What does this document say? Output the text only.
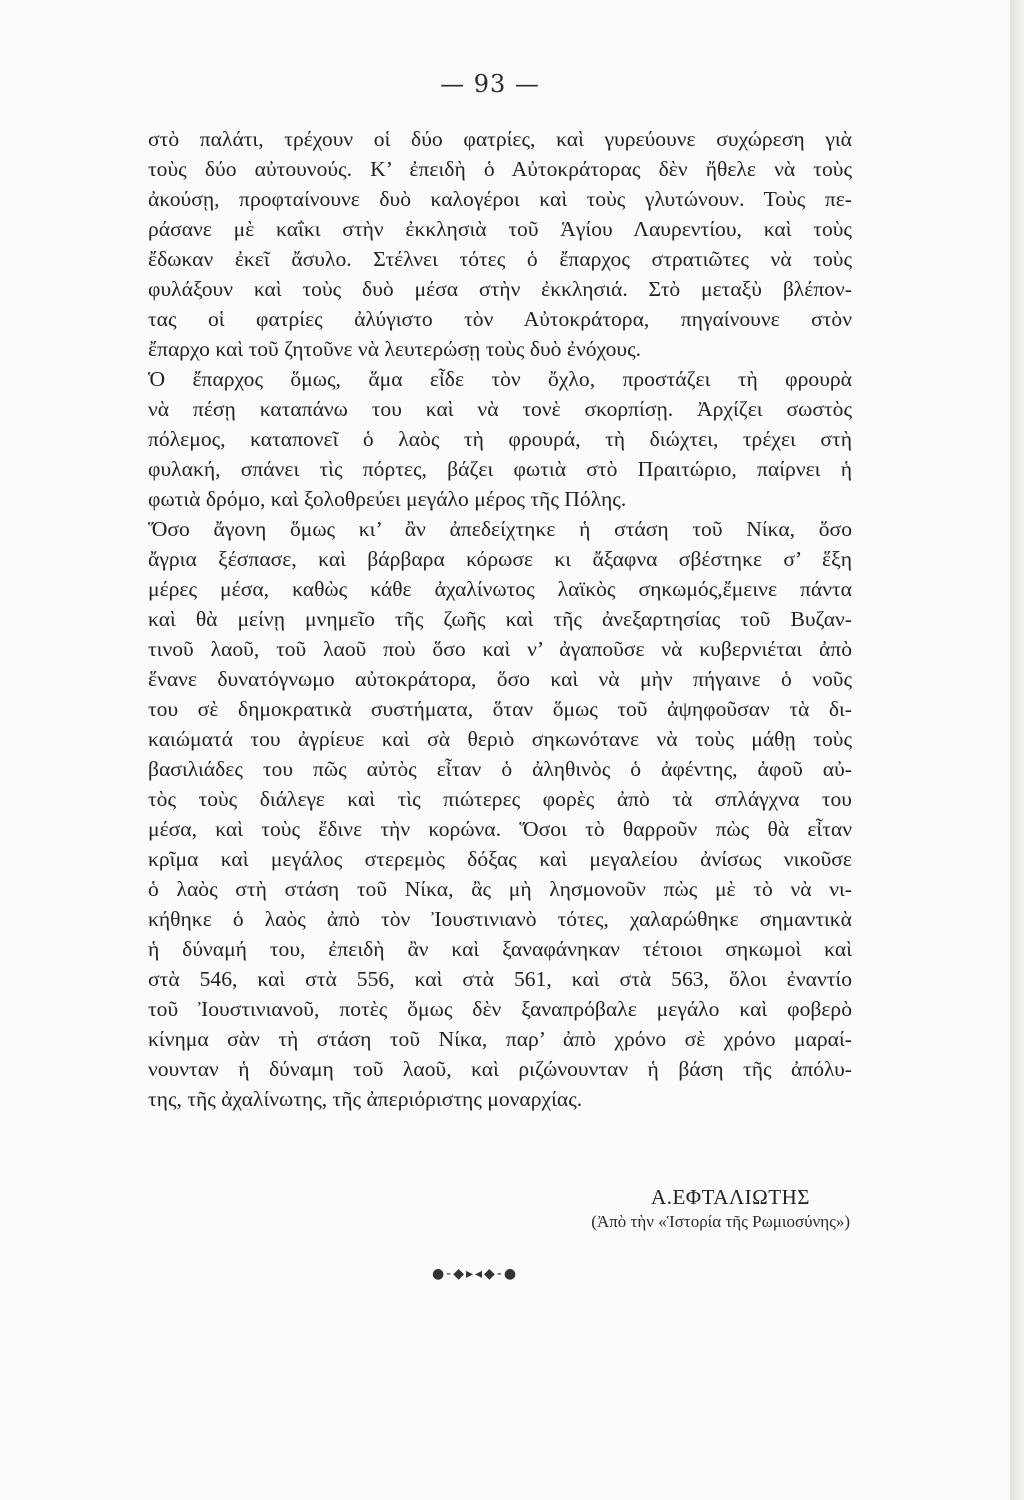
— 93 —
στὸ παλάτι, τρέχουν οἱ δύο φατρίες, καὶ γυρεύουνε συχώρεση γιὰ
τοὺς δύο αὐτουνούς. Κ’ ἐπειδὴ ὁ Αὐτοκράτορας δὲν ἤθελε νὰ τοὺς
ἀκούσῃ, προφταίνουνε δυὸ καλογέροι καὶ τοὺς γλυτώνουν. Τοὺς πε-
ράσανε μὲ καΐκι στὴν ἐκκλησιὰ τοῦ Ἁγίου Λαυρεντίου, καὶ τοὺς
ἔδωκαν ἐκεῖ ἄσυλο. Στέλνει τότες ὁ ἔπαρχος στρατιῶτες νὰ τοὺς
φυλάξουν καὶ τοὺς δυὸ μέσα στὴν ἐκκλησιά. Στὸ μεταξὺ βλέπον-
τας οἱ φατρίες ἀλύγιστο τὸν Αὐτοκράτορα, πηγαίνουνε στὸν
ἔπαρχο καὶ τοῦ ζητοῦνε νὰ λευτερώσῃ τοὺς δυὸ ἐνόχους.
Ὁ ἔπαρχος ὅμως, ἅμα εἶδε τὸν ὄχλο, προστάζει τὴ φρουρὰ
νὰ πέσῃ καταπάνω του καὶ νὰ τονὲ σκορπίσῃ. Ἀρχίζει σωστὸς
πόλεμος, καταπονεῖ ὁ λαὸς τὴ φρουρά, τὴ διώχτει, τρέχει στὴ
φυλακή, σπάνει τὶς πόρτες, βάζει φωτιὰ στὸ Πραιτώριο, παίρνει ἡ
φωτιὰ δρόμο, καὶ ξολοθρεύει μεγάλο μέρος τῆς Πόλης.
Ὅσο ἄγονη ὅμως κι’ ἂν ἀπεδείχτηκε ἡ στάση τοῦ Νίκα, ὅσο
ἄγρια ξέσπασε, καὶ βάρβαρα κόρωσε κι ἄξαφνα σβέστηκε σ’ ἕξη
μέρες μέσα, καθὼς κάθε ἀχαλίνωτος λαϊκὸς σηκωμός,ἔμεινε πάντα
καὶ θὰ μείνῃ μνημεῖο τῆς ζωῆς καὶ τῆς ἀνεξαρτησίας τοῦ Βυζαν-
τινοῦ λαοῦ, τοῦ λαοῦ ποὺ ὅσο καὶ ν’ ἀγαποῦσε νὰ κυβερνιέται ἀπὸ
ἕνανε δυνατόγνωμο αὐτοκράτορα, ὅσο καὶ νὰ μὴν πήγαινε ὁ νοῦς
του σὲ δημοκρατικὰ συστήματα, ὅταν ὅμως τοῦ ἀψηφοῦσαν τὰ δι-
καιώματά του ἀγρίευε καὶ σὰ θεριὸ σηκωνότανε νὰ τοὺς μάθῃ τοὺς
βασιλιάδες του πῶς αὐτὸς εἶταν ὁ ἀληθινὸς ὁ ἀφέντης, ἀφοῦ αὐ-
τὸς τοὺς διάλεγε καὶ τὶς πιώτερες φορὲς ἀπὸ τὰ σπλάγχνα του
μέσα, καὶ τοὺς ἔδινε τὴν κορώνα. Ὅσοι τὸ θαρροῦν πὼς θὰ εἶταν
κρῖμα καὶ μεγάλος στερεμὸς δόξας καὶ μεγαλείου ἀνίσως νικοῦσε
ὁ λαὸς στὴ στάση τοῦ Νίκα, ἂς μὴ λησμονοῦν πὼς μὲ τὸ νὰ νι-
κήθηκε ὁ λαὸς ἀπὸ τὸν Ἰουστινιανὸ τότες, χαλαρώθηκε σημαντικὰ
ἡ δύναμή του, ἐπειδὴ ἂν καὶ ξαναφάνηκαν τέτοιοι σηκωμοὶ καὶ
στὰ 546, καὶ στὰ 556, καὶ στὰ 561, καὶ στὰ 563, ὅλοι ἐναντίο
τοῦ Ἰουστινιανοῦ, ποτὲς ὅμως δὲν ξαναπρόβαλε μεγάλο καὶ φοβερὸ
κίνημα σὰν τὴ στάση τοῦ Νίκα, παρ’ ἀπὸ χρόνο σὲ χρόνο μαραί-
νουνταν ἡ δύναμη τοῦ λαοῦ, καὶ ριζώνουνταν ἡ βάση τῆς ἀπόλυ-
της, τῆς ἀχαλίνωτης, τῆς ἀπεριόριστης μοναρχίας.
Α.ΕΦΤΑΛΙΩΤΗΣ
(Ἀπὸ τὴν «Ἱστορία τῆς Ρωμιοσύνης»)
●-◆▸◂◆-●
